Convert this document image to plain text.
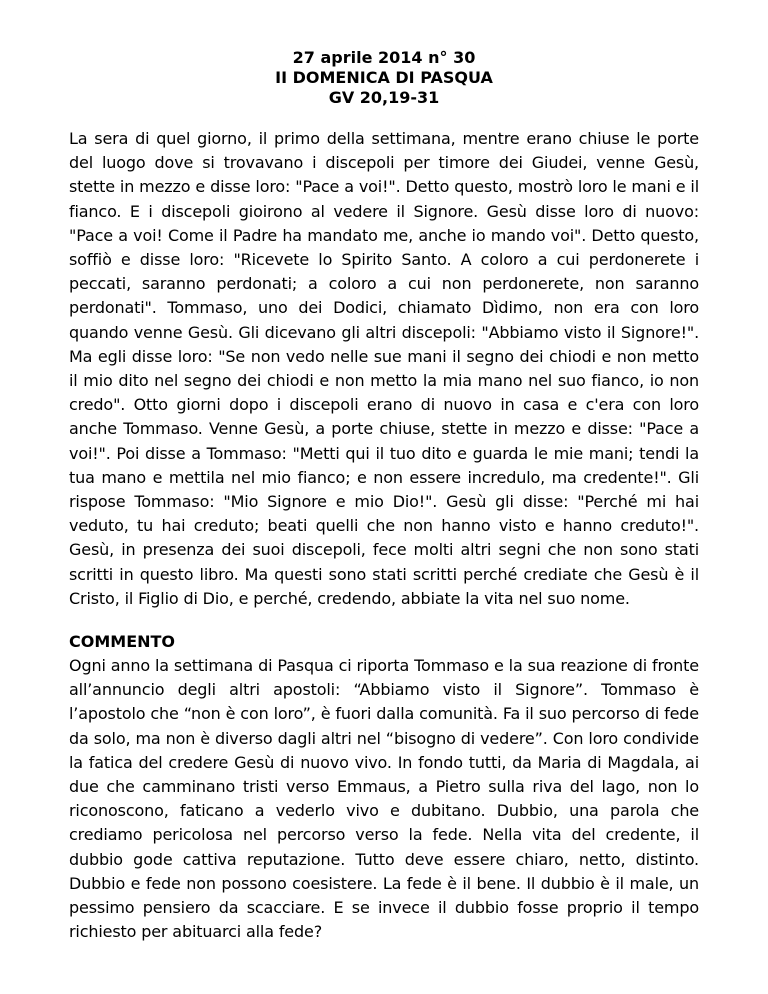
27 aprile 2014 n° 30
II DOMENICA DI PASQUA
GV 20,19-31
La sera di quel giorno, il primo della settimana, mentre erano chiuse le porte del luogo dove si trovavano i discepoli per timore dei Giudei, venne Gesù, stette in mezzo e disse loro: "Pace a voi!". Detto questo, mostrò loro le mani e il fianco. E i discepoli gioirono al vedere il Signore. Gesù disse loro di nuovo: "Pace a voi! Come il Padre ha mandato me, anche io mando voi". Detto questo, soffiò e disse loro: "Ricevete lo Spirito Santo. A coloro a cui perdonerete i peccati, saranno perdonati; a coloro a cui non perdonerete, non saranno perdonati". Tommaso, uno dei Dodici, chiamato Dìdimo, non era con loro quando venne Gesù. Gli dicevano gli altri discepoli: "Abbiamo visto il Signore!". Ma egli disse loro: "Se non vedo nelle sue mani il segno dei chiodi e non metto il mio dito nel segno dei chiodi e non metto la mia mano nel suo fianco, io non credo". Otto giorni dopo i discepoli erano di nuovo in casa e c'era con loro anche Tommaso. Venne Gesù, a porte chiuse, stette in mezzo e disse: "Pace a voi!". Poi disse a Tommaso: "Metti qui il tuo dito e guarda le mie mani; tendi la tua mano e mettila nel mio fianco; e non essere incredulo, ma credente!". Gli rispose Tommaso: "Mio Signore e mio Dio!". Gesù gli disse: "Perché mi hai veduto, tu hai creduto; beati quelli che non hanno visto e hanno creduto!". Gesù, in presenza dei suoi discepoli, fece molti altri segni che non sono stati scritti in questo libro. Ma questi sono stati scritti perché crediate che Gesù è il Cristo, il Figlio di Dio, e perché, credendo, abbiate la vita nel suo nome.
COMMENTO
Ogni anno la settimana di Pasqua ci riporta Tommaso e la sua reazione di fronte all’annuncio degli altri apostoli: “Abbiamo visto il Signore”. Tommaso è l’apostolo che “non è con loro”, è fuori dalla comunità. Fa il suo percorso di fede da solo, ma non è diverso dagli altri nel “bisogno di vedere”. Con loro condivide la fatica del credere Gesù di nuovo vivo. In fondo tutti, da Maria di Magdala, ai due che camminano tristi verso Emmaus, a Pietro sulla riva del lago, non lo riconoscono, faticano a vederlo vivo e dubitano. Dubbio, una parola che crediamo pericolosa nel percorso verso la fede. Nella vita del credente, il dubbio gode cattiva reputazione. Tutto deve essere chiaro, netto, distinto. Dubbio e fede non possono coesistere. La fede è il bene. Il dubbio è il male, un pessimo pensiero da scacciare. E se invece il dubbio fosse proprio il tempo richiesto per abituarci alla fede?
